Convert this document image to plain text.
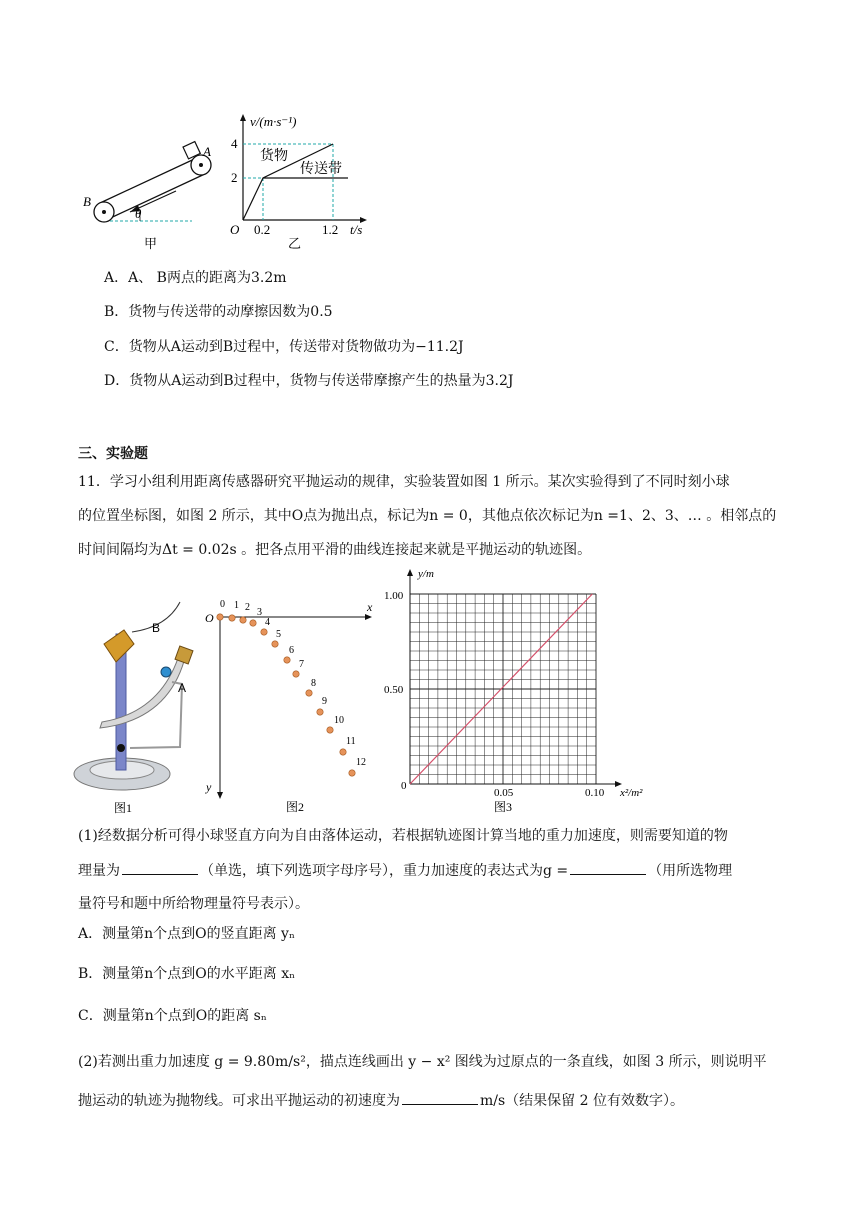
θ
A
B
甲
v/(m·s⁻¹)
4
2
O 0.2	1.2 t/s
货物
传送带
乙
A．A、 B两点的距离为3.2m
B．货物与传送带的动摩擦因数为0.5
C．货物从A运动到B过程中，传送带对货物做功为−11.2J
D．货物从A运动到B过程中，货物与传送带摩擦产生的热量为3.2J
三、实验题
11．学习小组利用距离传感器研究平抛运动的规律，实验装置如图 1 所示。某次实验得到了不同时刻小球
的位置坐标图，如图 2 所示，其中O点为抛出点，标记为n = 0，其他点依次标记为n =1、2、3、… 。相邻点的
时间间隔均为Δt = 0.02s 。把各点用平滑的曲线连接起来就是平抛运动的轨迹图。
B
A
图1
O
x
y
0 1 2 3
4
5
6
7
8
9
10
11
12
图2
y/m
x²/m²
0
1.00
0.50
0.05	0.10
图3
(1)经数据分析可得小球竖直方向为自由落体运动，若根据轨迹图计算当地的重力加速度，则需要知道的物
理量为	（单选，填下列选项字母序号），重力加速度的表达式为g =	（用所选物理
量符号和题中所给物理量符号表示）。
A．测量第n个点到O的竖直距离 yₙ
B．测量第n个点到O的水平距离 xₙ
C．测量第n个点到O的距离 sₙ
(2)若测出重力加速度 g = 9.80m/s²，描点连线画出 y − x² 图线为过原点的一条直线，如图 3 所示，则说明平
抛运动的轨迹为抛物线。可求出平抛运动的初速度为	m/s（结果保留 2 位有效数字）。
